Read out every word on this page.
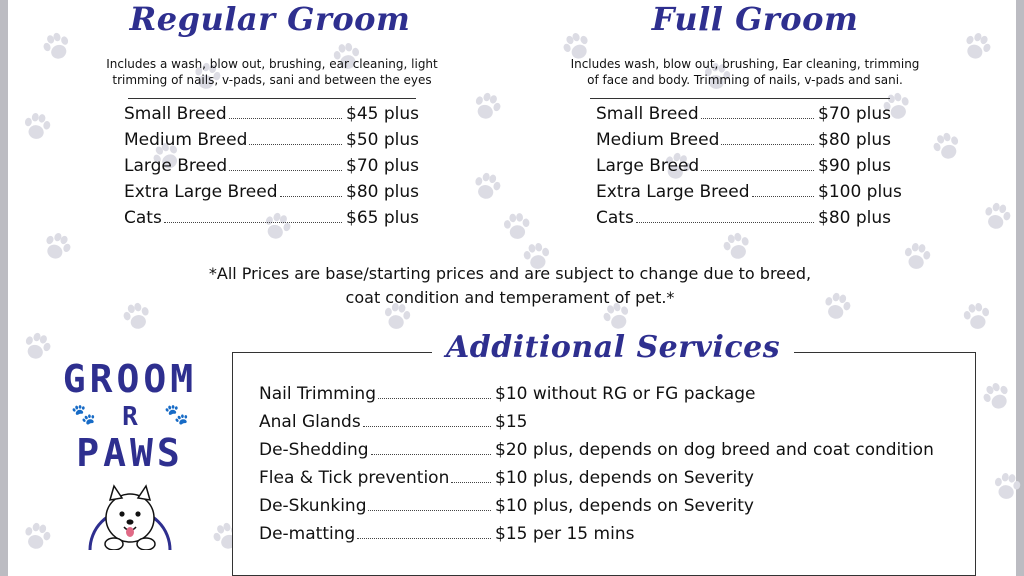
Regular Groom
Includes a wash, blow out, brushing, ear cleaning, light
trimming of nails, v-pads, sani and between the eyes
Small Breed	$45 plus
Medium Breed	$50 plus
Large Breed	$70 plus
Extra Large Breed	$80 plus
Cats	$65 plus
Full Groom
Includes wash, blow out, brushing, Ear cleaning, trimming
of face and body. Trimming of nails, v-pads and sani.
Small Breed	$70 plus
Medium Breed	$80 plus
Large Breed	$90 plus
Extra Large Breed	$100 plus
Cats	$80 plus
*All Prices are base/starting prices and are subject to change due to breed,
coat condition and temperament of pet.*
Additional Services
Nail Trimming	$10 without RG or FG package
Anal Glands	$15
De-Shedding	$20 plus, depends on dog breed and coat condition
Flea & Tick prevention	$10 plus, depends on Severity
De-Skunking	$10 plus, depends on Severity
De-matting	$15 per 15 mins
GROOM
R
🐾	🐾
PAWS
